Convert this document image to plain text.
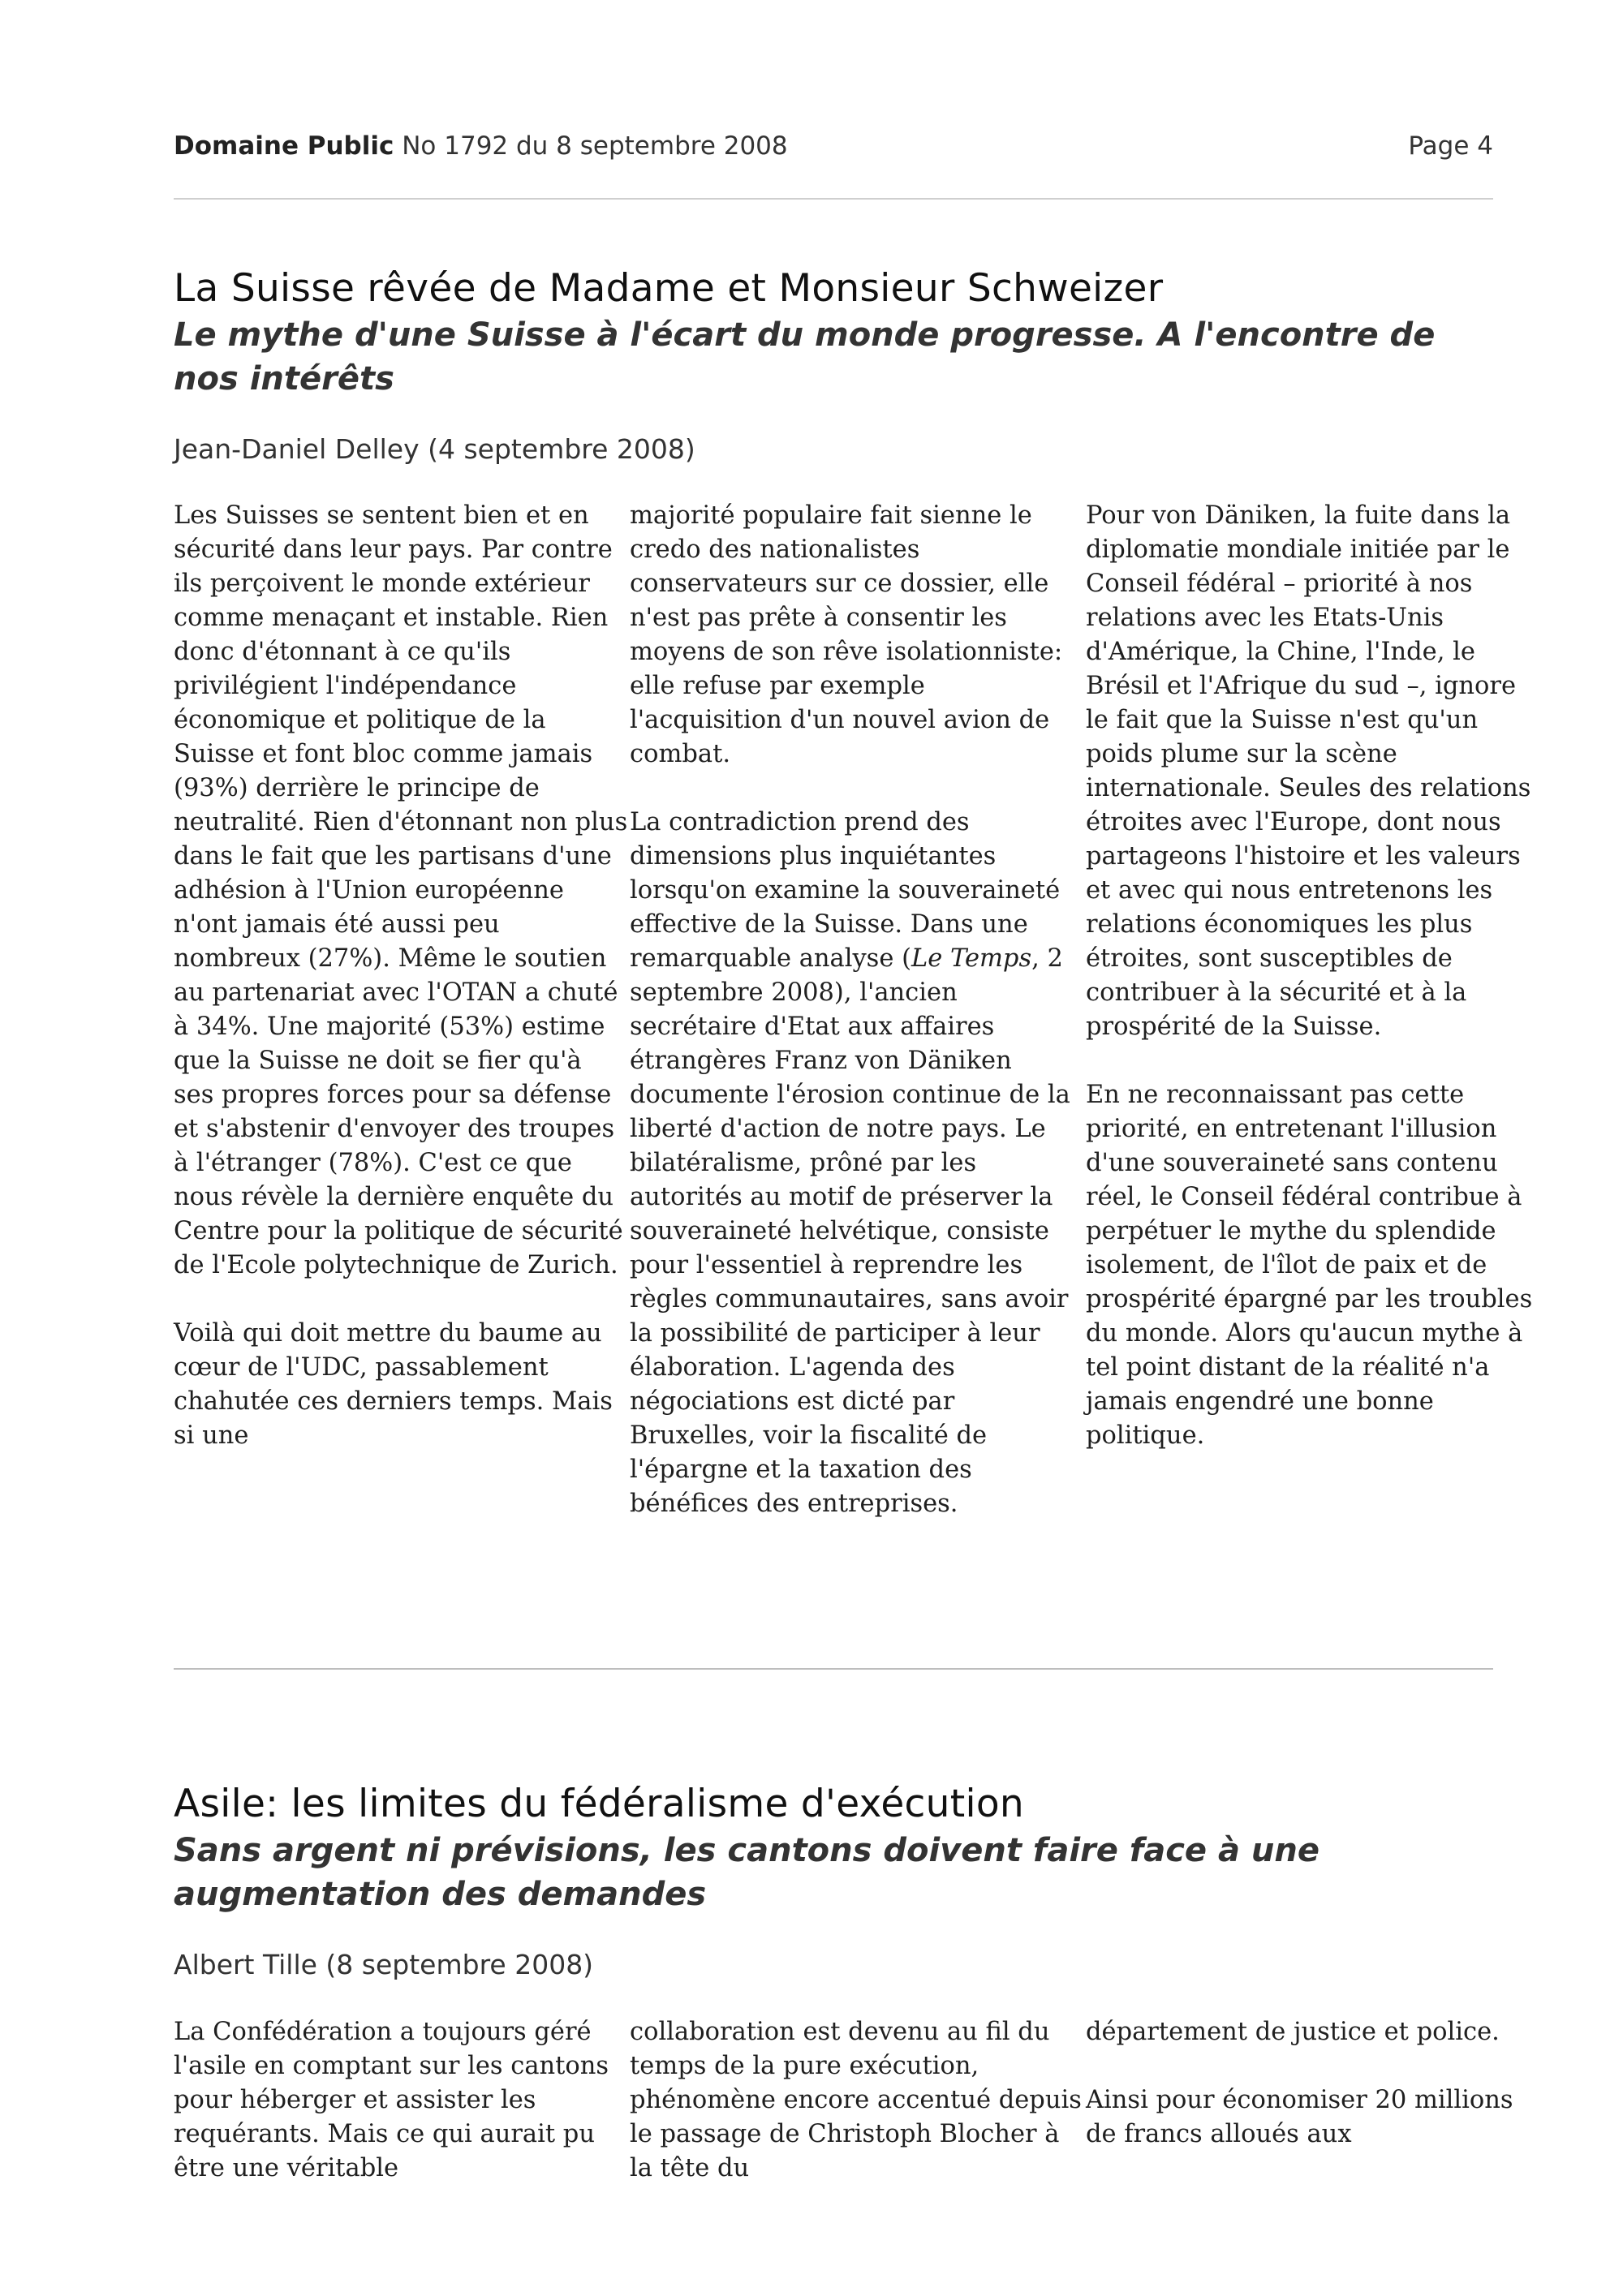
Domaine Public No 1792 du 8 septembre 2008	Page 4
La Suisse rêvée de Madame et Monsieur Schweizer
Le mythe d'une Suisse à l'écart du monde progresse. A l'encontre de nos intérêts
Jean-Daniel Delley (4 septembre 2008)

Les Suisses se sentent bien et en sécurité dans leur pays. Par contre ils perçoivent le monde extérieur comme menaçant et instable. Rien donc d'étonnant à ce qu'ils privilégient l'indépendance économique et politique de la Suisse et font bloc comme jamais (93%) derrière le principe de neutralité. Rien d'étonnant non plus dans le fait que les partisans d'une adhésion à l'Union européenne n'ont jamais été aussi peu nombreux (27%). Même le soutien au partenariat avec l'OTAN a chuté à 34%. Une majorité (53%) estime que la Suisse ne doit se fier qu'à ses propres forces pour sa défense et s'abstenir d'envoyer des troupes à l'étranger (78%). C'est ce que nous révèle la dernière enquête du Centre pour la politique de sécurité de l'Ecole polytechnique de Zurich.

Voilà qui doit mettre du baume au cœur de l'UDC, passablement chahutée ces derniers temps. Mais si une

majorité populaire fait sienne le credo des nationalistes conservateurs sur ce dossier, elle n'est pas prête à consentir les moyens de son rêve isolationniste: elle refuse par exemple l'acquisition d'un nouvel avion de combat.

La contradiction prend des dimensions plus inquiétantes lorsqu'on examine la souveraineté effective de la Suisse. Dans une remarquable analyse (Le Temps, 2 septembre 2008), l'ancien secrétaire d'Etat aux affaires étrangères Franz von Däniken documente l'érosion continue de la liberté d'action de notre pays. Le bilatéralisme, prôné par les autorités au motif de préserver la souveraineté helvétique, consiste pour l'essentiel à reprendre les règles communautaires, sans avoir la possibilité de participer à leur élaboration. L'agenda des négociations est dicté par Bruxelles, voir la fiscalité de l'épargne et la taxation des bénéfices des entreprises.

Pour von Däniken, la fuite dans la diplomatie mondiale initiée par le Conseil fédéral – priorité à nos relations avec les Etats-Unis d'Amérique, la Chine, l'Inde, le Brésil et l'Afrique du sud –, ignore le fait que la Suisse n'est qu'un poids plume sur la scène internationale. Seules des relations étroites avec l'Europe, dont nous partageons l'histoire et les valeurs et avec qui nous entretenons les relations économiques les plus étroites, sont susceptibles de contribuer à la sécurité et à la prospérité de la Suisse.

En ne reconnaissant pas cette priorité, en entretenant l'illusion d'une souveraineté sans contenu réel, le Conseil fédéral contribue à perpétuer le mythe du splendide isolement, de l'îlot de paix et de prospérité épargné par les troubles du monde. Alors qu'aucun mythe à tel point distant de la réalité n'a jamais engendré une bonne politique.

Asile: les limites du fédéralisme d'exécution
Sans argent ni prévisions, les cantons doivent faire face à une augmentation des demandes
Albert Tille (8 septembre 2008)

La Confédération a toujours géré l'asile en comptant sur les cantons pour héberger et assister les requérants. Mais ce qui aurait pu être une véritable

collaboration est devenu au fil du temps de la pure exécution, phénomène encore accentué depuis le passage de Christoph Blocher à la tête du

département de justice et police.

Ainsi pour économiser 20 millions de francs alloués aux
